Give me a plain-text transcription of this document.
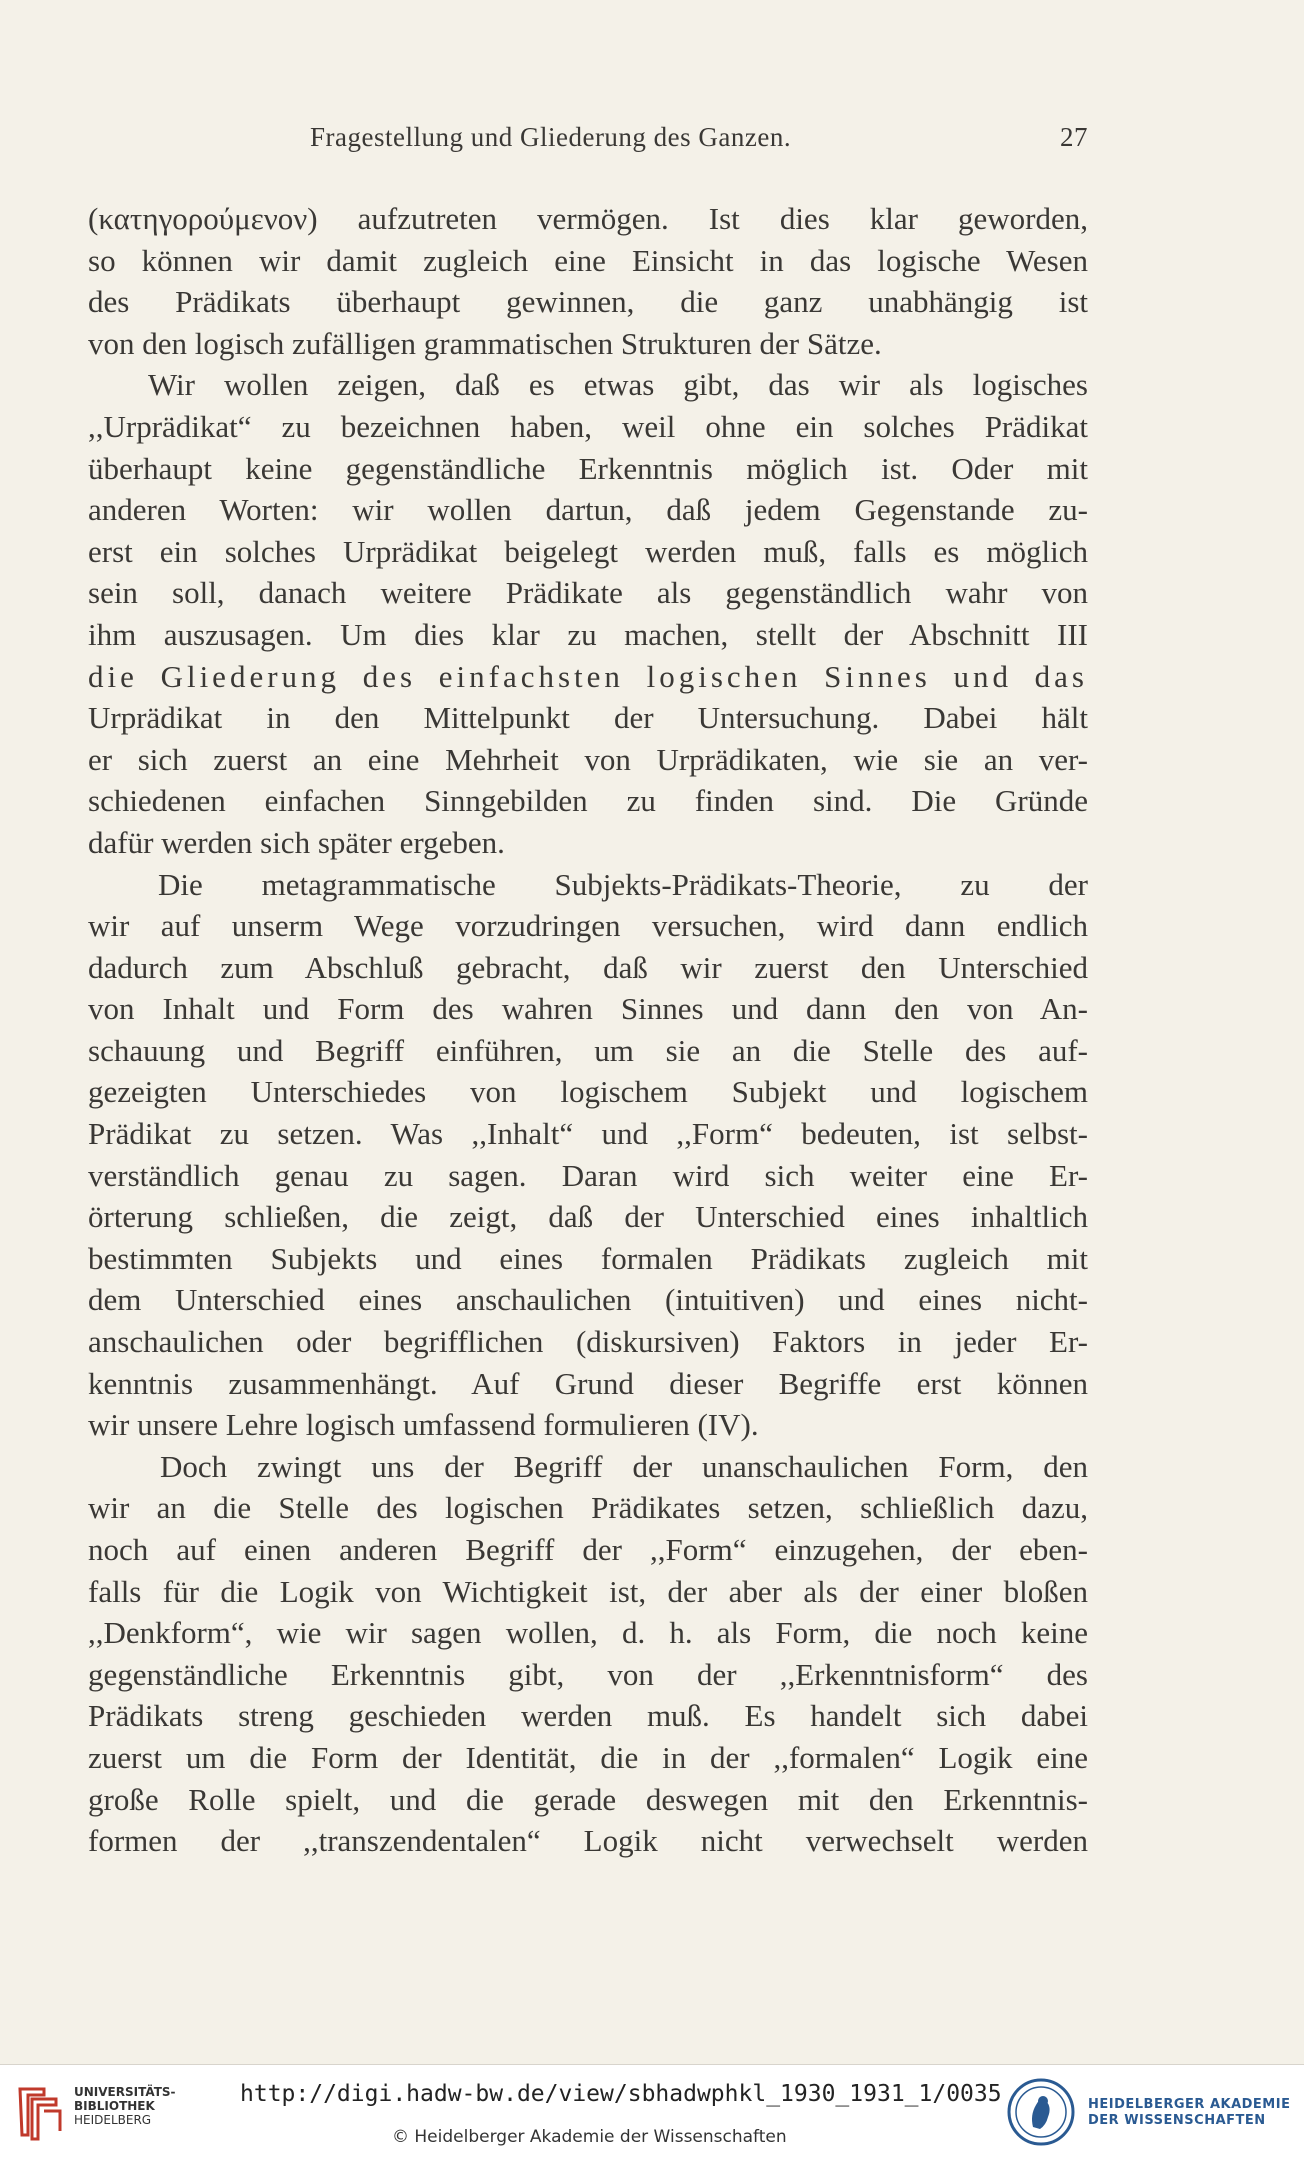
Fragestellung und Gliederung des Ganzen.	27
(κατηγορούμενον) aufzutreten vermögen. Ist dies klar geworden,
so können wir damit zugleich eine Einsicht in das logische Wesen
des Prädikats überhaupt gewinnen, die ganz unabhängig ist
von den logisch zufälligen grammatischen Strukturen der Sätze.
Wir wollen zeigen, daß es etwas gibt, das wir als logisches
,,Urprädikat“ zu bezeichnen haben, weil ohne ein solches Prädikat
überhaupt keine gegenständliche Erkenntnis möglich ist. Oder mit
anderen Worten: wir wollen dartun, daß jedem Gegenstande zu-
erst ein solches Urprädikat beigelegt werden muß, falls es möglich
sein soll, danach weitere Prädikate als gegenständlich wahr von
ihm auszusagen. Um dies klar zu machen, stellt der Abschnitt III
die Gliederung des einfachsten logischen Sinnes und das
Urprädikat in den Mittelpunkt der Untersuchung. Dabei hält
er sich zuerst an eine Mehrheit von Urprädikaten, wie sie an ver-
schiedenen einfachen Sinngebilden zu finden sind. Die Gründe
dafür werden sich später ergeben.
Die metagrammatische Subjekts-Prädikats-Theorie, zu der
wir auf unserm Wege vorzudringen versuchen, wird dann endlich
dadurch zum Abschluß gebracht, daß wir zuerst den Unterschied
von Inhalt und Form des wahren Sinnes und dann den von An-
schauung und Begriff einführen, um sie an die Stelle des auf-
gezeigten Unterschiedes von logischem Subjekt und logischem
Prädikat zu setzen. Was ,,Inhalt“ und ,,Form“ bedeuten, ist selbst-
verständlich genau zu sagen. Daran wird sich weiter eine Er-
örterung schließen, die zeigt, daß der Unterschied eines inhaltlich
bestimmten Subjekts und eines formalen Prädikats zugleich mit
dem Unterschied eines anschaulichen (intuitiven) und eines nicht-
anschaulichen oder begrifflichen (diskursiven) Faktors in jeder Er-
kenntnis zusammenhängt. Auf Grund dieser Begriffe erst können
wir unsere Lehre logisch umfassend formulieren (IV).
Doch zwingt uns der Begriff der unanschaulichen Form, den
wir an die Stelle des logischen Prädikates setzen, schließlich dazu,
noch auf einen anderen Begriff der ,,Form“ einzugehen, der eben-
falls für die Logik von Wichtigkeit ist, der aber als der einer bloßen
,,Denkform“, wie wir sagen wollen, d. h. als Form, die noch keine
gegenständliche Erkenntnis gibt, von der ,,Erkenntnisform“ des
Prädikats streng geschieden werden muß. Es handelt sich dabei
zuerst um die Form der Identität, die in der ,,formalen“ Logik eine
große Rolle spielt, und die gerade deswegen mit den Erkenntnis-
formen der ,,transzendentalen“ Logik nicht verwechselt werden
UNIVERSITÄTS-
BIBLIOTHEK
HEIDELBERG
http://digi.hadw-bw.de/view/sbhadwphkl_1930_1931_1/0035
© Heidelberger Akademie der Wissenschaften
HEIDELBERGER AKADEMIE
DER WISSENSCHAFTEN
